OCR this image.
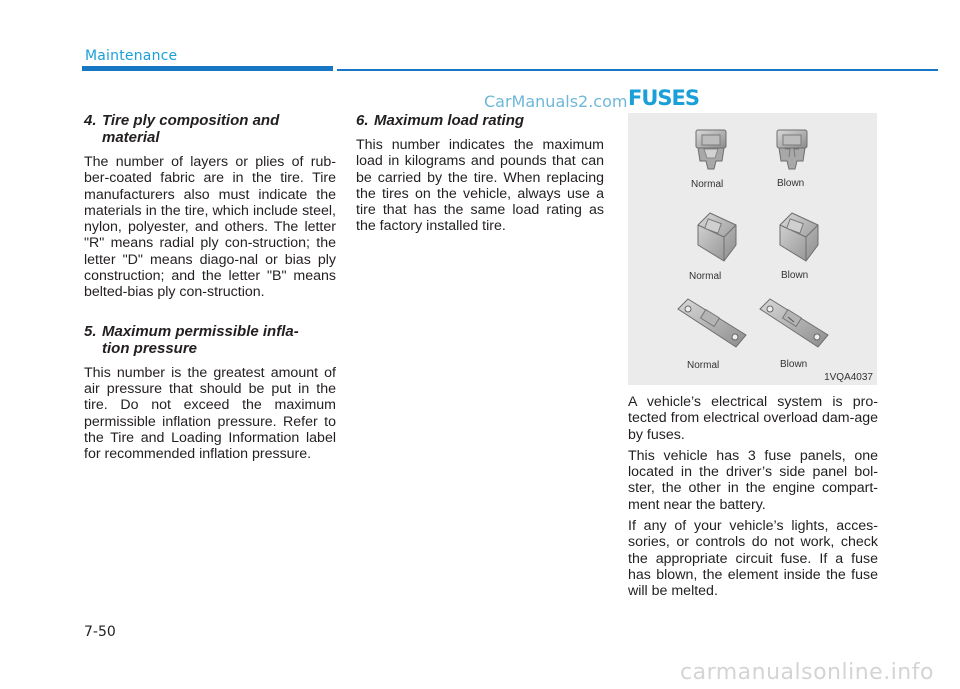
Maintenance
CarManuals2.com FUSES
4. Tire ply composition and
material

The number of layers or plies of rub-ber-coated fabric are in the tire. Tire manufacturers also must indicate the materials in the tire, which include steel, nylon, polyester, and others. The letter "R" means radial ply con-struction; the letter "D" means diago-nal or bias ply construction; and the letter "B" means belted-bias ply con-struction.

5. Maximum permissible infla-
tion pressure

This number is the greatest amount of air pressure that should be put in the tire. Do not exceed the maximum permissible inflation pressure. Refer to the Tire and Loading Information label for recommended inflation pressure.

6. Maximum load rating

This number indicates the maximum load in kilograms and pounds that can be carried by the tire. When replacing the tires on the vehicle, always use a tire that has the same load rating as the factory installed tire.

Normal	Blown
Normal	Blown
Normal	Blown
1VQA4037

A vehicle’s electrical system is pro-tected from electrical overload dam-age by fuses.

This vehicle has 3 fuse panels, one located in the driver’s side panel bol-ster, the other in the engine compart-ment near the battery.

If any of your vehicle’s lights, acces-sories, or controls do not work, check the appropriate circuit fuse. If a fuse has blown, the element inside the fuse will be melted.

7-50
carmanualsonline.info
